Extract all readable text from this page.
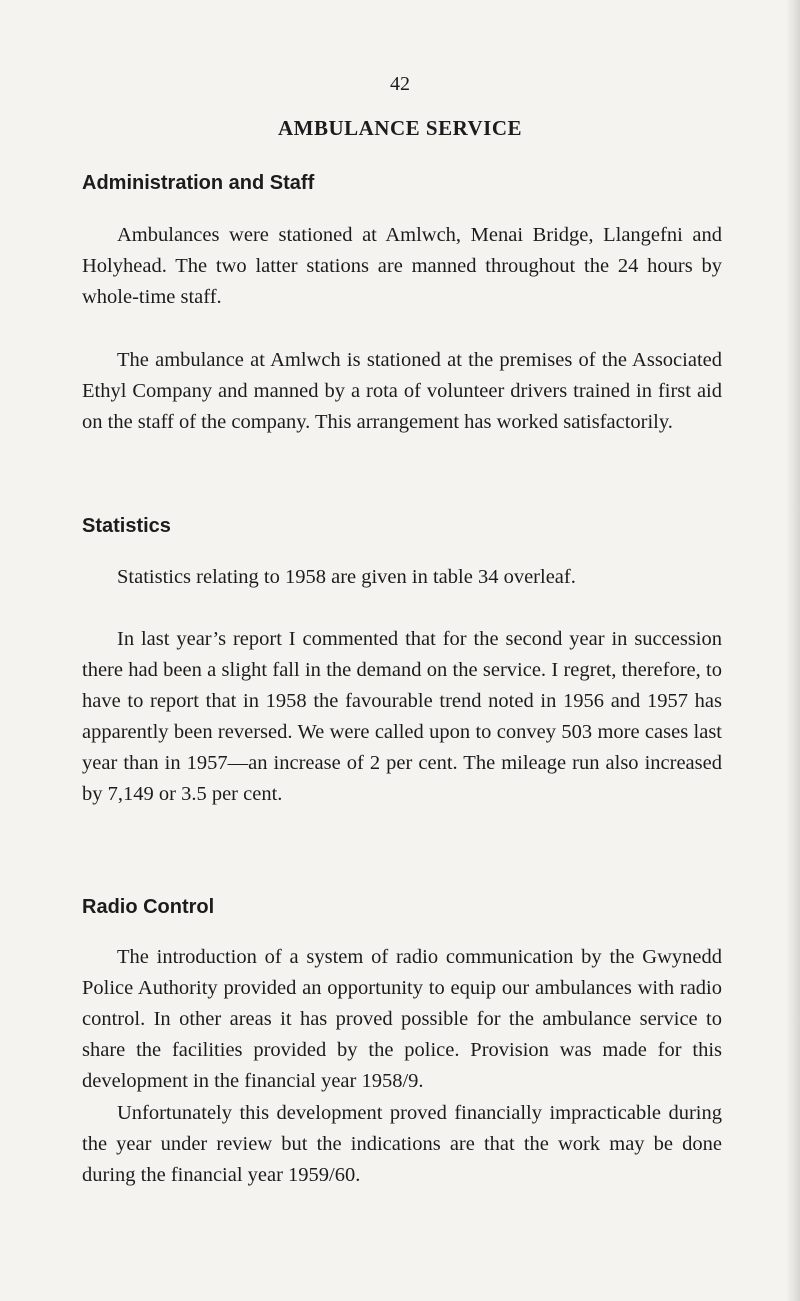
42
AMBULANCE SERVICE
Administration and Staff

Ambulances were stationed at Amlwch, Menai Bridge, Llangefni and Holyhead. The two latter stations are manned throughout the 24 hours by whole-time staff.

The ambulance at Amlwch is stationed at the premises of the Associated Ethyl Company and manned by a rota of volunteer drivers trained in first aid on the staff of the company. This arrangement has worked satisfactorily.

Statistics

Statistics relating to 1958 are given in table 34 overleaf.

In last year’s report I commented that for the second year in succession there had been a slight fall in the demand on the service. I regret, therefore, to have to report that in 1958 the favourable trend noted in 1956 and 1957 has apparently been reversed. We were called upon to convey 503 more cases last year than in 1957—an increase of 2 per cent. The mileage run also increased by 7,149 or 3.5 per cent.

Radio Control

The introduction of a system of radio communication by the Gwynedd Police Authority provided an opportunity to equip our ambulances with radio control. In other areas it has proved possible for the ambulance service to share the facilities provided by the police. Provision was made for this development in the financial year 1958/9.

Unfortunately this development proved financially impracticable during the year under review but the indications are that the work may be done during the financial year 1959/60.
